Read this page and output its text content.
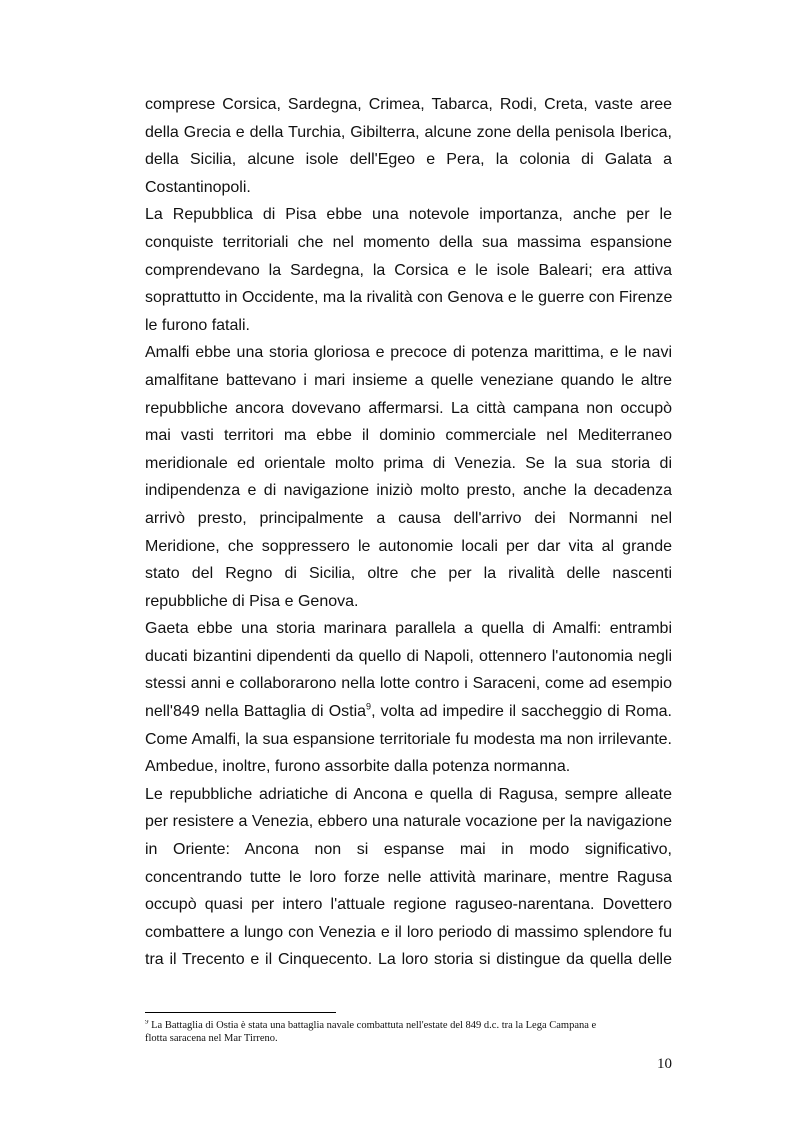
comprese Corsica, Sardegna, Crimea, Tabarca, Rodi, Creta, vaste aree
della Grecia e della Turchia, Gibilterra, alcune zone della penisola Iberica,
della Sicilia, alcune isole dell'Egeo e Pera, la colonia di Galata a
Costantinopoli.
La Repubblica di Pisa ebbe una notevole importanza, anche per le
conquiste territoriali che nel momento della sua massima espansione
comprendevano la Sardegna, la Corsica e le isole Baleari; era attiva
soprattutto in Occidente, ma la rivalità con Genova e le guerre con Firenze
le furono fatali.
Amalfi ebbe una storia gloriosa e precoce di potenza marittima, e le navi
amalfitane battevano i mari insieme a quelle veneziane quando le altre
repubbliche ancora dovevano affermarsi. La città campana non occupò
mai vasti territori ma ebbe il dominio commerciale nel Mediterraneo
meridionale ed orientale molto prima di Venezia. Se la sua storia di
indipendenza e di navigazione iniziò molto presto, anche la decadenza
arrivò presto, principalmente a causa dell'arrivo dei Normanni nel
Meridione, che soppressero le autonomie locali per dar vita al grande
stato del Regno di Sicilia, oltre che per la rivalità delle nascenti
repubbliche di Pisa e Genova.
Gaeta ebbe una storia marinara parallela a quella di Amalfi: entrambi
ducati bizantini dipendenti da quello di Napoli, ottennero l'autonomia negli
stessi anni e collaborarono nella lotte contro i Saraceni, come ad esempio
nell'849 nella Battaglia di Ostia$^9$, volta ad impedire il saccheggio di Roma.
Come Amalfi, la sua espansione territoriale fu modesta ma non irrilevante.
Ambedue, inoltre, furono assorbite dalla potenza normanna.
Le repubbliche adriatiche di Ancona e quella di Ragusa, sempre alleate
per resistere a Venezia, ebbero una naturale vocazione per la navigazione
in Oriente: Ancona non si espanse mai in modo significativo,
concentrando tutte le loro forze nelle attività marinare, mentre Ragusa
occupò quasi per intero l'attuale regione raguseo-narentana. Dovettero
combattere a lungo con Venezia e il loro periodo di massimo splendore fu
tra il Trecento e il Cinquecento. La loro storia si distingue da quella delle
$^9$ La Battaglia di Ostia è stata una battaglia navale combattuta nell'estate del 849 d.c. tra la Lega Campana e
flotta saracena nel Mar Tirreno.
10
